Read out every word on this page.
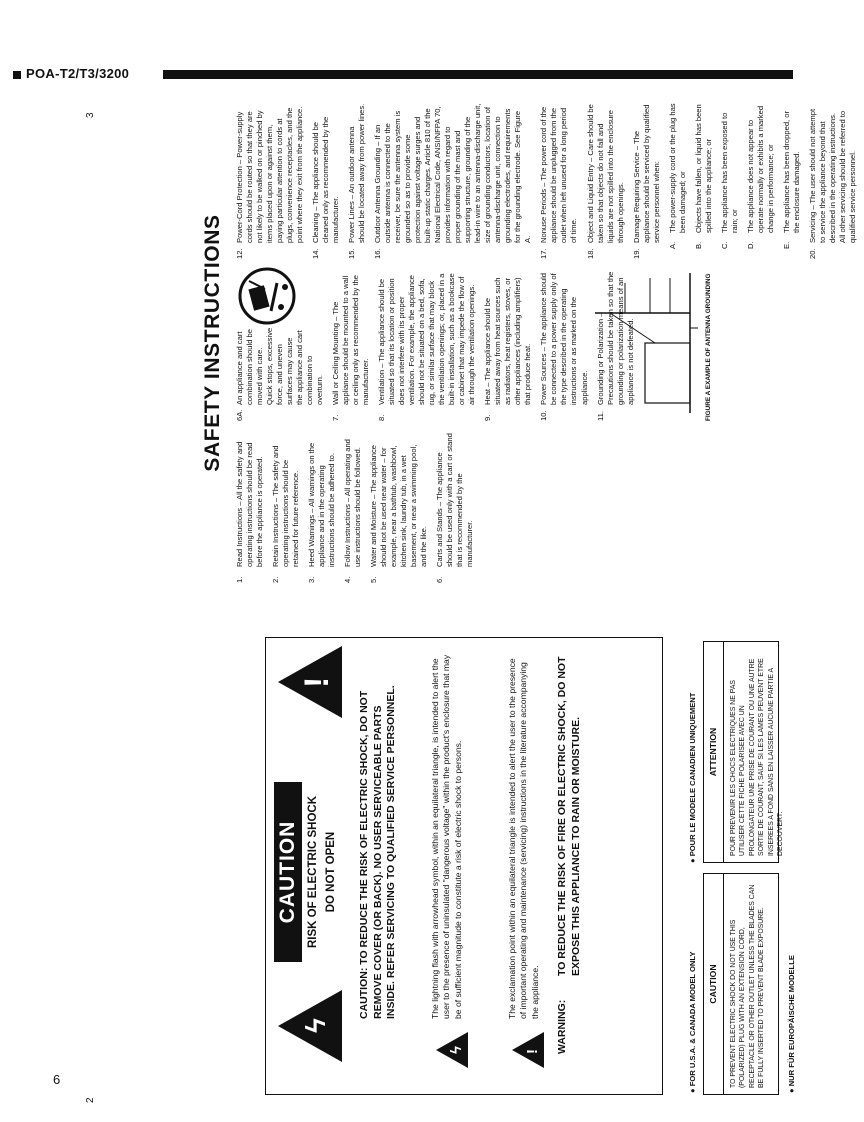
POA-T2/T3/3200
6
2
3
ϟ
!
CAUTION RISK OF ELECTRIC SHOCK DO NOT OPEN CAUTION: TO REDUCE THE RISK OF ELECTRIC SHOCK, DO NOT REMOVE COVER (OR BACK). NO USER SERVICEABLE PARTS INSIDE. REFER SERVICING TO QUALIFIED SERVICE PERSONNEL.
ϟ
The lightning flash with arrowhead symbol, within an equilateral triangle, is intended to alert the user to the presence of uninsulated "dangerous voltage" within the product's enclosure that may be of sufficient magnitude to constitute a risk of electric shock to persons.
!
The exclamation point within an equilateral triangle is intended to alert the user to the presence of important operating and maintenance (servicing) instructions in the literature accompanying the appliance.
WARNING:TO REDUCE THE RISK OF FIRE OR ELECTRIC SHOCK, DO NOT EXPOSE THIS APPLIANCE TO RAIN OR MOISTURE.
● FOR U.S.A. & CANADA MODEL ONLY
● POUR LE MODELE CANADIEN UNIQUEMENT
CAUTION	TO PREVENT ELECTRIC SHOCK DO NOT USE THIS (POLARIZED) PLUG WITH AN EXTENSION CORD, RECEPTACLE OR OTHER OUTLET UNLESS THE BLADES CAN BE FULLY INSERTED TO PREVENT BLADE EXPOSURE.
ATTENTION	POUR PREVENIR LES CHOCS ELECTRIQUES NE PAS UTILISER CETTE FICHE POLARISEE AVEC UN PROLONGATEUR UNE PRISE DE COURANT OU UNE AUTRE SORTIE DE COURANT, SAUF SI LES LAMES PEUVENT ETRE INSEREES A FOND SANS EN LAISSER AUCUNE PARTIE A DECOUVERT.
● NUR FÜR EUROPÄISCHE MODELLE
SAFETY INSTRUCTIONS
1.
Read Instructions – All the safety and operating instructions should be read before the appliance is operated.
2.
Retain Instructions – The safety and operating instructions should be retained for future reference.
3.
Heed Warnings – All warnings on the appliance and in the operating instructions should be adhered to.
4.
Follow Instructions – All operating and use instructions should be followed.
5.
Water and Moisture – The appliance should not be used near water – for example, near a bathtub, washbowl, kitchen sink, laundry tub, in a wet basement, or near a swimming pool, and the like.
6.
Carts and Stands – The appliance should be used only with a cart or stand that is recommended by the manufacturer.
6A.
An appliance and cart combination should be moved with care. Quick stops, excessive force, and uneven surfaces may cause the appliance and cart combination to overturn.
7.
Wall or Ceiling Mounting – The appliance should be mounted to a wall or ceiling only as recommended by the manufacturer.
8.
Ventilation – The appliance should be situated so that its location or position does not interfere with its proper ventilation. For example, the appliance should not be situated on a bed, sofa, rug, or similar surface that may block the ventilation openings; or, placed in a built-in installation, such as a bookcase or cabinet that may impede the flow of air through the ventilation openings.
9.
Heat – The appliance should be situated away from heat sources such as radiators, heat registers, stoves, or other appliances (including amplifiers) that produce heat.
10.
Power Sources – The appliance should be connected to a power supply only of the type described in the operating instructions or as marked on the appliance.
11.
Grounding or Polarization – Precautions should be taken so that the grounding or polarization means of an appliance is not defeated.
12.
Power-Cord Protection – Power-supply cords should be routed so that they are not likely to be walked on or pinched by items placed upon or against them, paying particular attention to cords at plugs, convenience receptacles, and the point where they exit from the appliance.
14.
Cleaning – The appliance should be cleaned only as recommended by the manufacturer.
15.
Power Lines – An outdoor antenna should be located away from power lines.
16.
Outdoor Antenna Grounding – If an outside antenna is connected to the receiver, be sure the antenna system is grounded so as to provide some protection against voltage surges and built-up static charges. Article 810 of the National Electrical Code, ANSI/NFPA 70, provides information with regard to proper grounding of the mast and supporting structure, grounding of the lead-in wire to an antenna-discharge unit, size of grounding conductors, location of antenna-discharge unit, connection to grounding electrodes, and requirements for the grounding electrode. See Figure A.
17.
Nonuse Periods – The power cord of the appliance should be unplugged from the outlet when left unused for a long period of time.
18.
Object and Liquid Entry – Care should be taken so that objects do not fall and liquids are not spilled into the enclosure through openings.
19.
Damage Requiring Service – The appliance should be serviced by qualified service personnel when:
A.
The power-supply cord or the plug has been damaged; or
B.
Objects have fallen, or liquid has been spilled into the appliance; or
C.
The appliance has been exposed to rain; or
D.
The appliance does not appear to operate normally or exhibits a marked change in performance; or
E.
The appliance has been dropped, or the enclosure damaged.
20.
Servicing – The user should not attempt to service the appliance beyond that described in the operating instructions. All other servicing should be referred to qualified service personnel.
FIGURE A EXAMPLE OF ANTENNA GROUNDING
